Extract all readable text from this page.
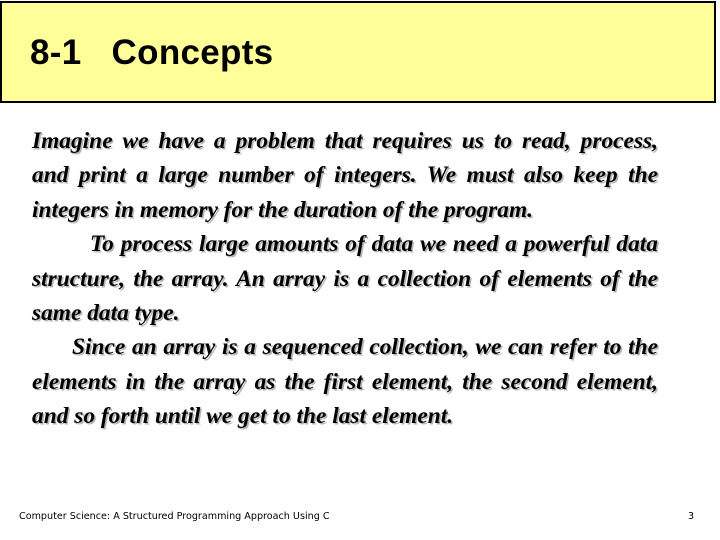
8-1   Concepts

Imagine we have a problem that requires us to read, process, and print a large number of integers. We must also keep the integers in memory for the duration of the program.

To process large amounts of data we need a powerful data structure, the array. An array is a collection of elements of the same data type.

Since an array is a sequenced collection, we can refer to the elements in the array as the first element, the second element, and so forth until we get to the last element.

Computer Science: A Structured Programming Approach Using C	3
